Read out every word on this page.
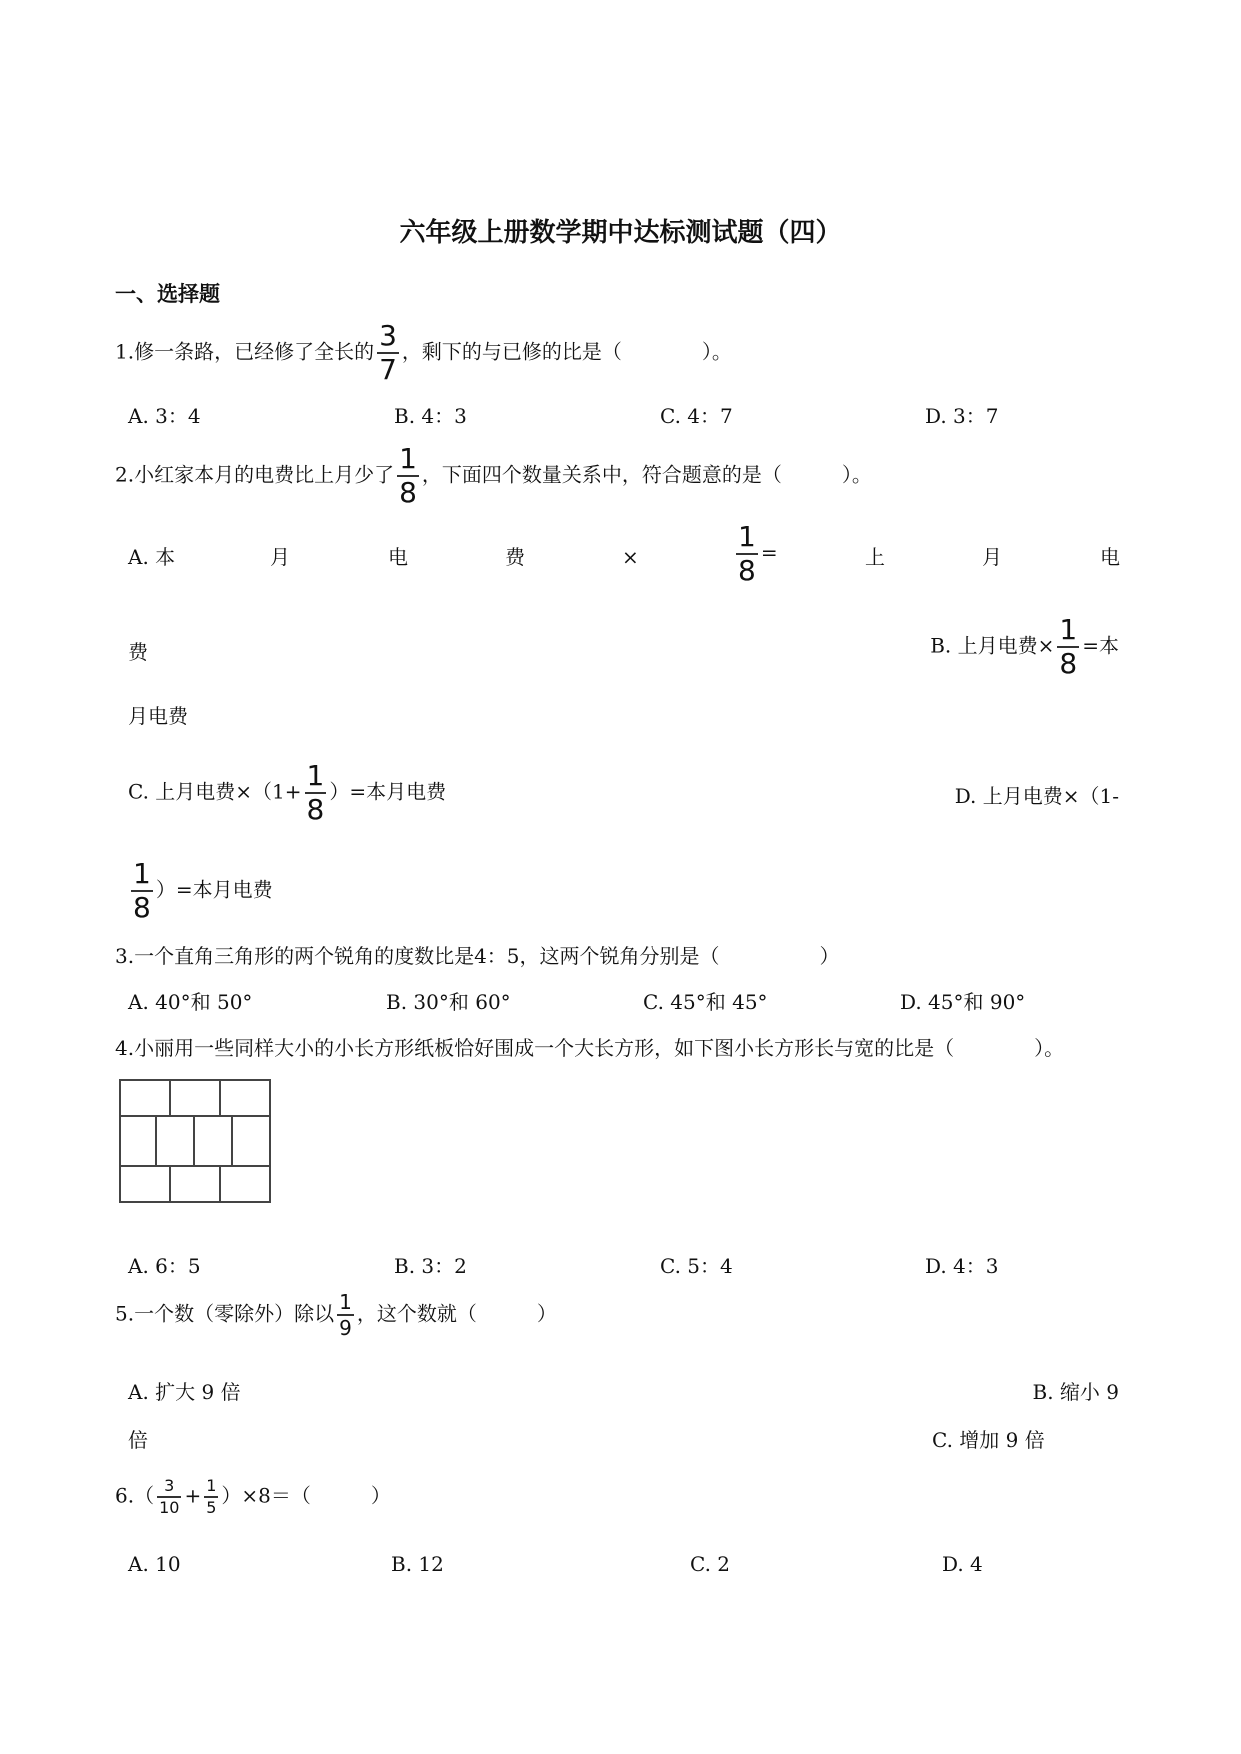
六年级上册数学期中达标测试题（四）
一、选择题
1.修一条路，已经修了全长的 $\frac{3}{7}$ ，剩下的与已修的比是（　　　　）。
A. 3：4	B. 4：3	C. 4：7	D. 3：7
2.小红家本月的电费比上月少了 $\frac{1}{8}$ ，下面四个数量关系中，符合题意的是（　　　）。
A. 本	月	电	费	×	$\frac{1}{8}$ =	上	月	电
费	B. 上月电费× $\frac{1}{8}$ =本
月电费
C. 上月电费$\times(1+ \frac{1}{8}$ ）=本月电费	D. 上月电费×（1-
$\frac{1}{8}$ ）=本月电费
3.一个直角三角形的两个锐角的度数比是4：5，这两个锐角分别是（　　　　　）
A. 40°和 50°	B. 30°和 60°	C. 45°和 45°	D. 45°和 90°
4.小丽用一些同样大小的小长方形纸板恰好围成一个大长方形，如下图小长方形长与宽的比是（　　　　）。
A. 6：5	B. 3：2	C. 5：4	D. 4：3
5.一个数（零除外）除以 $\frac{1}{9}$ ，这个数就（　　　）
A. 扩大 9 倍	B. 缩小 9
倍	C. 增加 9 倍
$6.( \frac{3}{10} + \frac{1}{5} )\times 8=$（　　　）
A. 10	B. 12	C. 2	D. 4
